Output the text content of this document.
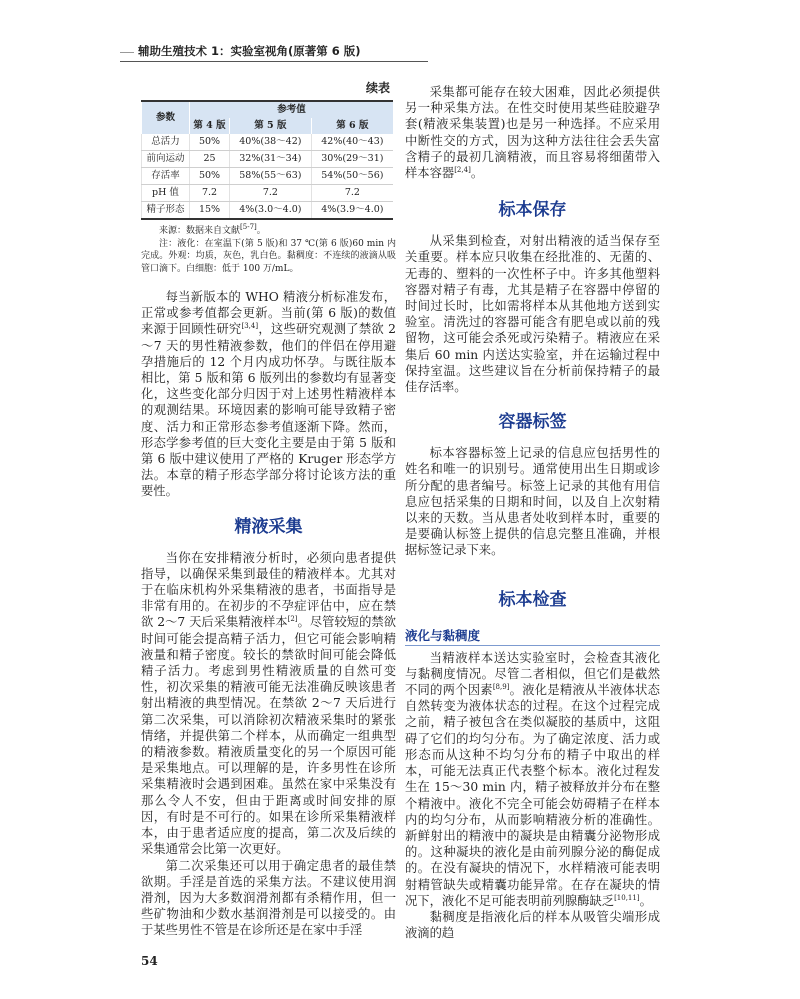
辅助生殖技术 1：实验室视角(原著第 6 版)
续表
参数	参考值		
	第 4 版	第 5 版	第 6 版
总活力	50%	40%(38～42)	42%(40～43)
前向运动	25	32%(31～34)	30%(29～31)
存活率	50%	58%(55～63)	54%(50～56)
pH 值	7.2	7.2	7.2
精子形态	15%	4%(3.0～4.0)	4%(3.9～4.0)

来源：数据来自文献[5-7]。

注：液化：在室温下(第 5 版)和 37 ℃(第 6 版)60 min 内完成。外观：均质，灰色，乳白色。黏稠度：不连续的液滴从吸管口滴下。白细胞：低于 100 万/mL。

每当新版本的 WHO 精液分析标准发布，正常或参考值都会更新。当前(第 6 版)的数值来源于回顾性研究[3,4]，这些研究观测了禁欲 2～7 天的男性精液参数，他们的伴侣在停用避孕措施后的 12 个月内成功怀孕。与既往版本相比，第 5 版和第 6 版列出的参数均有显著变化，这些变化部分归因于对上述男性精液样本的观测结果。环境因素的影响可能导致精子密度、活力和正常形态参考值逐渐下降。然而，形态学参考值的巨大变化主要是由于第 5 版和第 6 版中建议使用了严格的 Kruger 形态学方法。本章的精子形态学部分将讨论该方法的重要性。

精液采集

当你在安排精液分析时，必须向患者提供指导，以确保采集到最佳的精液样本。尤其对于在临床机构外采集精液的患者，书面指导是非常有用的。在初步的不孕症评估中，应在禁欲 2～7 天后采集精液样本[2]。尽管较短的禁欲时间可能会提高精子活力，但它可能会影响精液量和精子密度。较长的禁欲时间可能会降低精子活力。考虑到男性精液质量的自然可变性，初次采集的精液可能无法准确反映该患者射出精液的典型情况。在禁欲 2～7 天后进行第二次采集，可以消除初次精液采集时的紧张情绪，并提供第二个样本，从而确定一组典型的精液参数。精液质量变化的另一个原因可能是采集地点。可以理解的是，许多男性在诊所采集精液时会遇到困难。虽然在家中采集没有那么令人不安，但由于距离或时间安排的原因，有时是不可行的。如果在诊所采集精液样本，由于患者适应度的提高，第二次及后续的采集通常会比第一次更好。

第二次采集还可以用于确定患者的最佳禁欲期。手淫是首选的采集方法。不建议使用润滑剂，因为大多数润滑剂都有杀精作用，但一些矿物油和少数水基润滑剂是可以接受的。由于某些男性不管是在诊所还是在家中手淫

54

采集都可能存在较大困难，因此必须提供另一种采集方法。在性交时使用某些硅胶避孕套(精液采集装置)也是另一种选择。不应采用中断性交的方式，因为这种方法往往会丢失富含精子的最初几滴精液，而且容易将细菌带入样本容器[2,4]。

标本保存

从采集到检查，对射出精液的适当保存至关重要。样本应只收集在经批准的、无菌的、无毒的、塑料的一次性杯子中。许多其他塑料容器对精子有毒，尤其是精子在容器中停留的时间过长时，比如需将样本从其他地方送到实验室。清洗过的容器可能含有肥皂或以前的残留物，这可能会杀死或污染精子。精液应在采集后 60 min 内送达实验室，并在运输过程中保持室温。这些建议旨在分析前保持精子的最佳存活率。

容器标签

标本容器标签上记录的信息应包括男性的姓名和唯一的识别号。通常使用出生日期或诊所分配的患者编号。标签上记录的其他有用信息应包括采集的日期和时间，以及自上次射精以来的天数。当从患者处收到样本时，重要的是要确认标签上提供的信息完整且准确，并根据标签记录下来。

标本检查
液化与黏稠度

当精液样本送达实验室时，会检查其液化与黏稠度情况。尽管二者相似，但它们是截然不同的两个因素[8,9]。液化是精液从半液体状态自然转变为液体状态的过程。在这个过程完成之前，精子被包含在类似凝胶的基质中，这阻碍了它们的均匀分布。为了确定浓度、活力或形态而从这种不均匀分布的精子中取出的样本，可能无法真正代表整个标本。液化过程发生在 15～30 min 内，精子被释放并分布在整个精液中。液化不完全可能会妨碍精子在样本内的均匀分布，从而影响精液分析的准确性。新鲜射出的精液中的凝块是由精囊分泌物形成的。这种凝块的液化是由前列腺分泌的酶促成的。在没有凝块的情况下，水样精液可能表明射精管缺失或精囊功能异常。在存在凝块的情况下，液化不足可能表明前列腺酶缺乏[10,11]。

黏稠度是指液化后的样本从吸管尖端形成液滴的趋
